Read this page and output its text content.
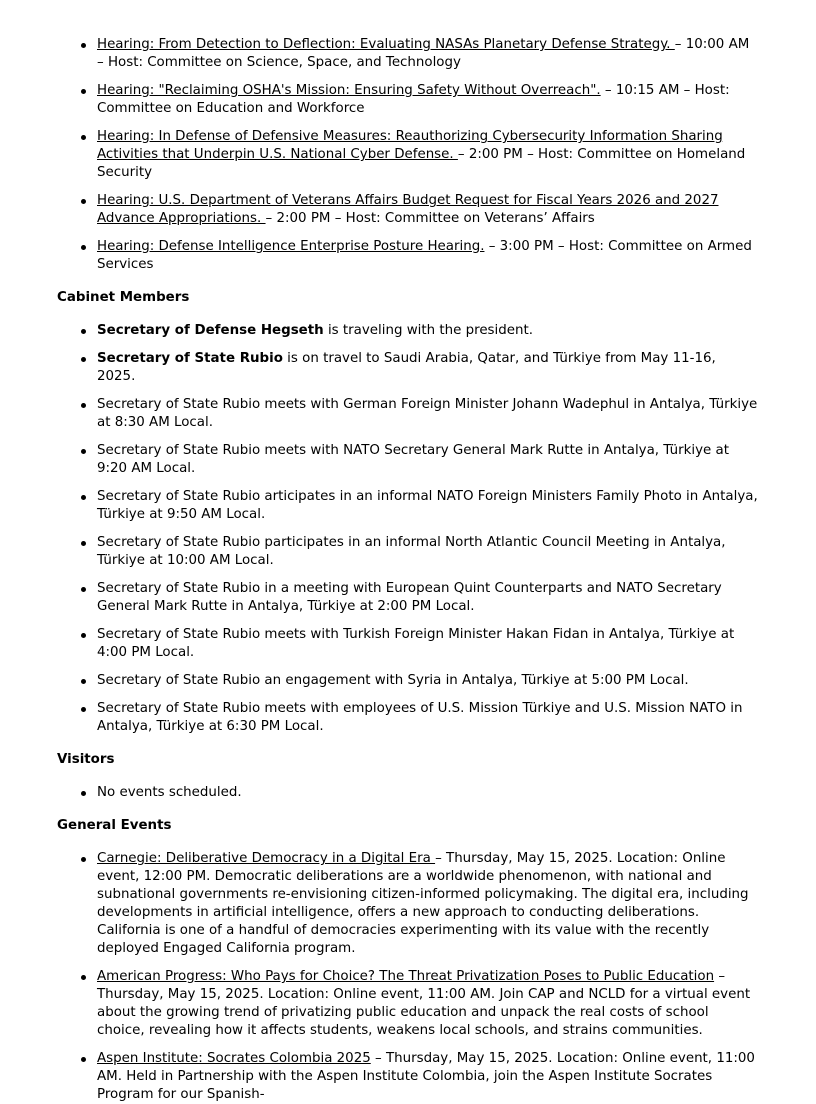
Hearing: From Detection to Deflection: Evaluating NASAs Planetary Defense Strategy. – 10:00 AM – Host: Committee on Science, Space, and Technology
Hearing: "Reclaiming OSHA's Mission: Ensuring Safety Without Overreach". – 10:15 AM – Host: Committee on Education and Workforce
Hearing: In Defense of Defensive Measures: Reauthorizing Cybersecurity Information Sharing Activities that Underpin U.S. National Cyber Defense. – 2:00 PM – Host: Committee on Homeland Security
Hearing: U.S. Department of Veterans Affairs Budget Request for Fiscal Years 2026 and 2027 Advance Appropriations. – 2:00 PM – Host: Committee on Veterans’ Affairs
Hearing: Defense Intelligence Enterprise Posture Hearing. – 3:00 PM – Host: Committee on Armed Services
Cabinet Members
Secretary of Defense Hegseth is traveling with the president.
Secretary of State Rubio is on travel to Saudi Arabia, Qatar, and Türkiye from May 11-16, 2025.
Secretary of State Rubio meets with German Foreign Minister Johann Wadephul in Antalya, Türkiye at 8:30 AM Local.
Secretary of State Rubio meets with NATO Secretary General Mark Rutte in Antalya, Türkiye at 9:20 AM Local.
Secretary of State Rubio articipates in an informal NATO Foreign Ministers Family Photo in Antalya, Türkiye at 9:50 AM Local.
Secretary of State Rubio participates in an informal North Atlantic Council Meeting in Antalya, Türkiye at 10:00 AM Local.
Secretary of State Rubio in a meeting with European Quint Counterparts and NATO Secretary General Mark Rutte in Antalya, Türkiye at 2:00 PM Local.
Secretary of State Rubio meets with Turkish Foreign Minister Hakan Fidan in Antalya, Türkiye at 4:00 PM Local.
Secretary of State Rubio an engagement with Syria in Antalya, Türkiye at 5:00 PM Local.
Secretary of State Rubio meets with employees of U.S. Mission Türkiye and U.S. Mission NATO in Antalya, Türkiye at 6:30 PM Local.
Visitors
No events scheduled.
General Events
Carnegie: Deliberative Democracy in a Digital Era – Thursday, May 15, 2025. Location: Online event, 12:00 PM. Democratic deliberations are a worldwide phenomenon, with national and subnational governments re-envisioning citizen-informed policymaking. The digital era, including developments in artificial intelligence, offers a new approach to conducting deliberations. California is one of a handful of democracies experimenting with its value with the recently deployed Engaged California program.
American Progress: Who Pays for Choice? The Threat Privatization Poses to Public Education – Thursday, May 15, 2025. Location: Online event, 11:00 AM. Join CAP and NCLD for a virtual event about the growing trend of privatizing public education and unpack the real costs of school choice, revealing how it affects students, weakens local schools, and strains communities.
Aspen Institute: Socrates Colombia 2025 – Thursday, May 15, 2025. Location: Online event, 11:00 AM. Held in Partnership with the Aspen Institute Colombia, join the Aspen Institute Socrates Program for our Spanish-
